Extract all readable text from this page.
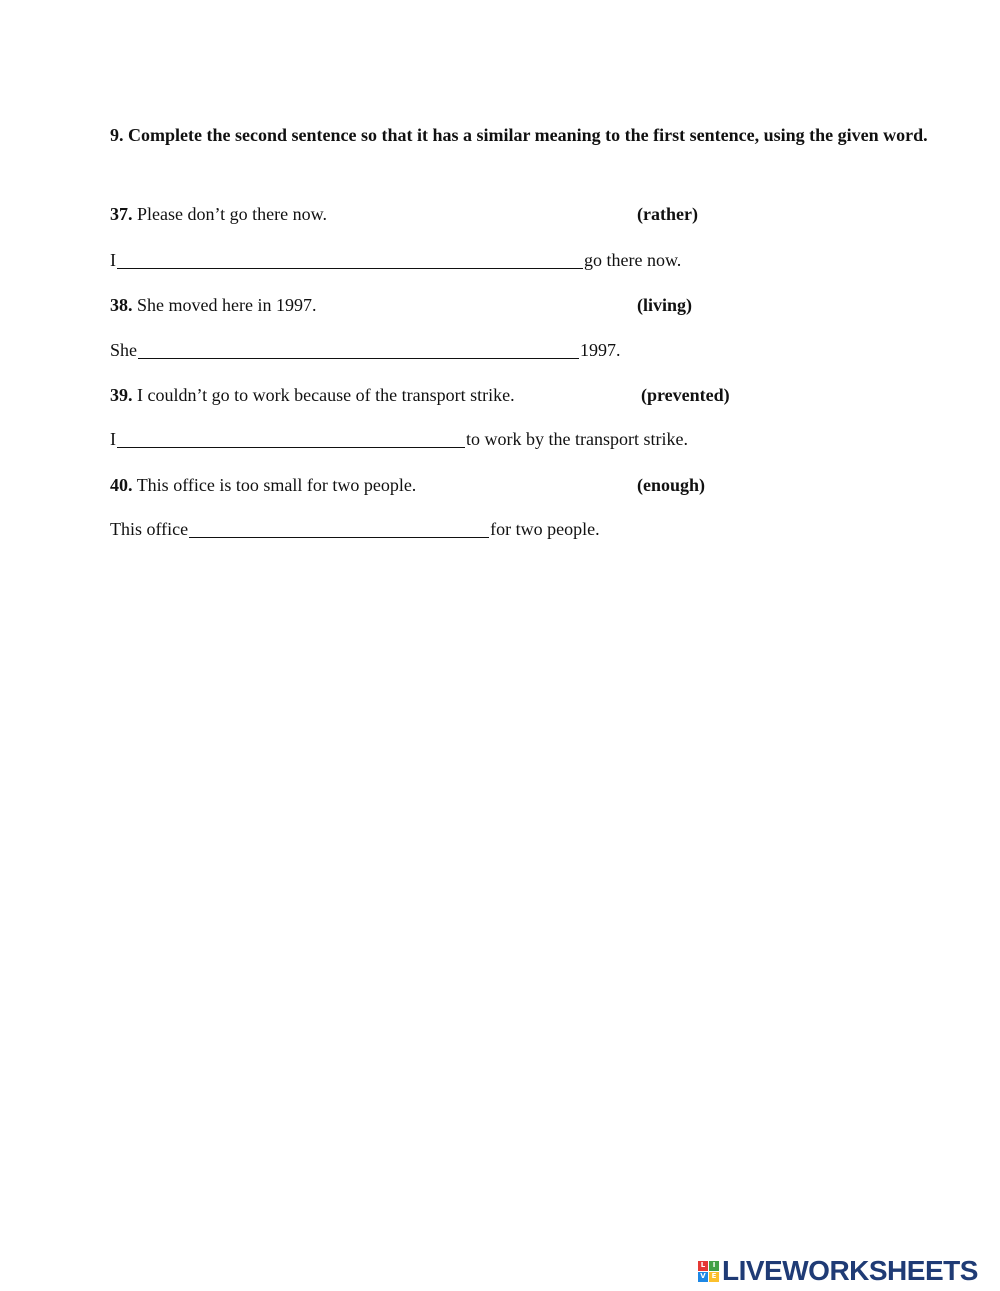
9. Complete the second sentence so that it has a similar meaning to the first sentence, using the given word.

37. Please don’t go there now.	(rather)
I	go there now.
38. She moved here in 1997.	(living)
She	1997.
39. I couldn’t go to work because of the transport strike.	(prevented)
I	to work by the transport strike.
40. This office is too small for two people.	(enough)
This office	for two people.
L	I
V E LIVEWORKSHEETS
